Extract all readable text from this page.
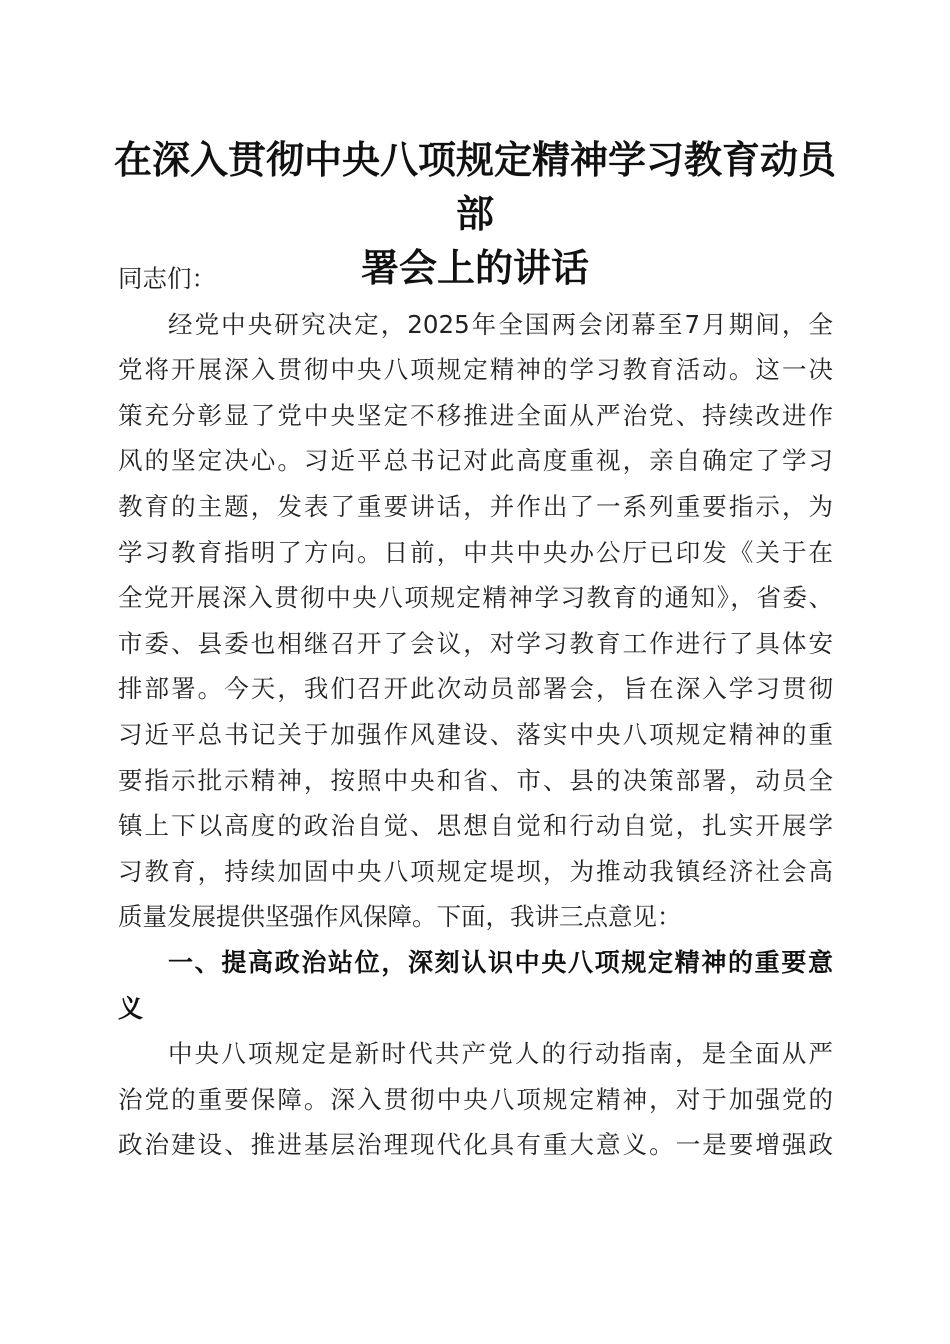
在深入贯彻中央八项规定精神学习教育动员部
署会上的讲话
同志们：
经党中央研究决定，2025年全国两会闭幕至7月期间，全
党将开展深入贯彻中央八项规定精神的学习教育活动。这一决
策充分彰显了党中央坚定不移推进全面从严治党、持续改进作
风的坚定决心。习近平总书记对此高度重视，亲自确定了学习
教育的主题，发表了重要讲话，并作出了一系列重要指示，为
学习教育指明了方向。日前，中共中央办公厅已印发《关于在
全党开展深入贯彻中央八项规定精神学习教育的通知》，省委、
市委、县委也相继召开了会议，对学习教育工作进行了具体安
排部署。今天，我们召开此次动员部署会，旨在深入学习贯彻
习近平总书记关于加强作风建设、落实中央八项规定精神的重
要指示批示精神，按照中央和省、市、县的决策部署，动员全
镇上下以高度的政治自觉、思想自觉和行动自觉，扎实开展学
习教育，持续加固中央八项规定堤坝，为推动我镇经济社会高
质量发展提供坚强作风保障。下面，我讲三点意见：
一、提高政治站位，深刻认识中央八项规定精神的重要意
义
中央八项规定是新时代共产党人的行动指南，是全面从严
治党的重要保障。深入贯彻中央八项规定精神，对于加强党的
政治建设、推进基层治理现代化具有重大意义。一是要增强政
